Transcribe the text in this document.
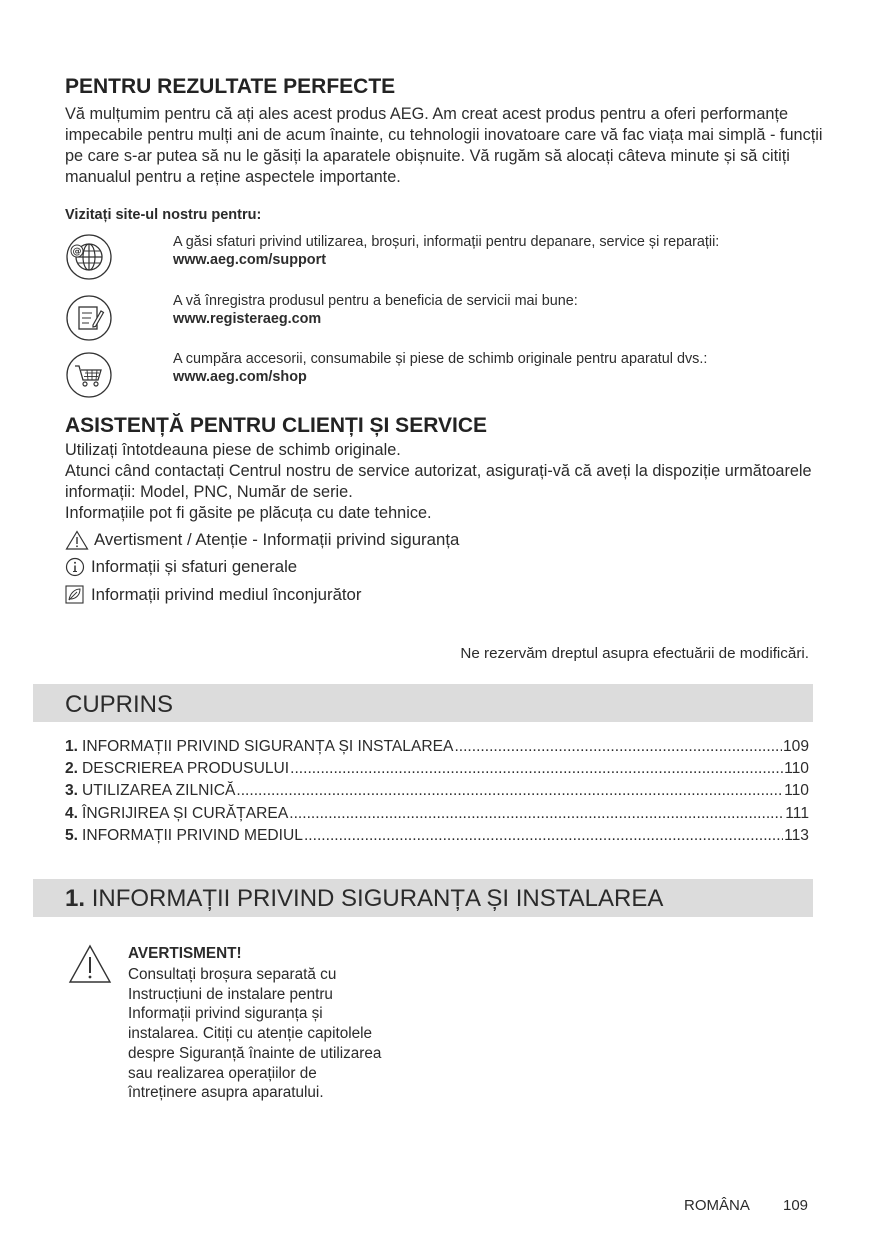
PENTRU REZULTATE PERFECTE

Vă mulțumim pentru că ați ales acest produs AEG. Am creat acest produs pentru a oferi performanțe impecabile pentru mulți ani de acum înainte, cu tehnologii inovatoare care vă fac viața mai simplă - funcții pe care s-ar putea să nu le găsiți la aparatele obișnuite. Vă rugăm să alocați câteva minute și să citiți manualul pentru a reține aspectele importante.

Vizitați site-ul nostru pentru:
@
A găsi sfaturi privind utilizarea, broșuri, informații pentru depanare, service și reparații:
www.aeg.com/support
A vă înregistra produsul pentru a beneficia de servicii mai bune:
www.registeraeg.com
A cumpăra accesorii, consumabile și piese de schimb originale pentru aparatul dvs.:
www.aeg.com/shop
ASISTENȚĂ PENTRU CLIENȚI ȘI SERVICE
Utilizați întotdeauna piese de schimb originale.
Atunci când contactați Centrul nostru de service autorizat, asigurați-vă că aveți la dispoziție următoarele informații: Model, PNC, Număr de serie.
Informațiile pot fi găsite pe plăcuța cu date tehnice.
Avertisment / Atenție - Informații privind siguranța
Informații și sfaturi generale
Informații privind mediul înconjurător
Ne rezervăm dreptul asupra efectuării de modificări.
CUPRINS
1. INFORMAȚII PRIVIND SIGURANȚA ȘI INSTALAREA .....	109
2. DESCRIEREA PRODUSULUI .....	110
3. UTILIZAREA ZILNICĂ .....	110
4. ÎNGRIJIREA ȘI CURĂȚAREA .....	111
5. INFORMAȚII PRIVIND MEDIUL .....	113
1. INFORMAȚII PRIVIND SIGURANȚA ȘI INSTALAREA
AVERTISMENT!

Consultați broșura separată cu Instrucțiuni de instalare pentru Informații privind siguranța și instalarea. Citiți cu atenție capitolele despre Siguranță înainte de utilizarea sau realizarea operațiilor de întreținere asupra aparatului.

ROMÂNA 109
